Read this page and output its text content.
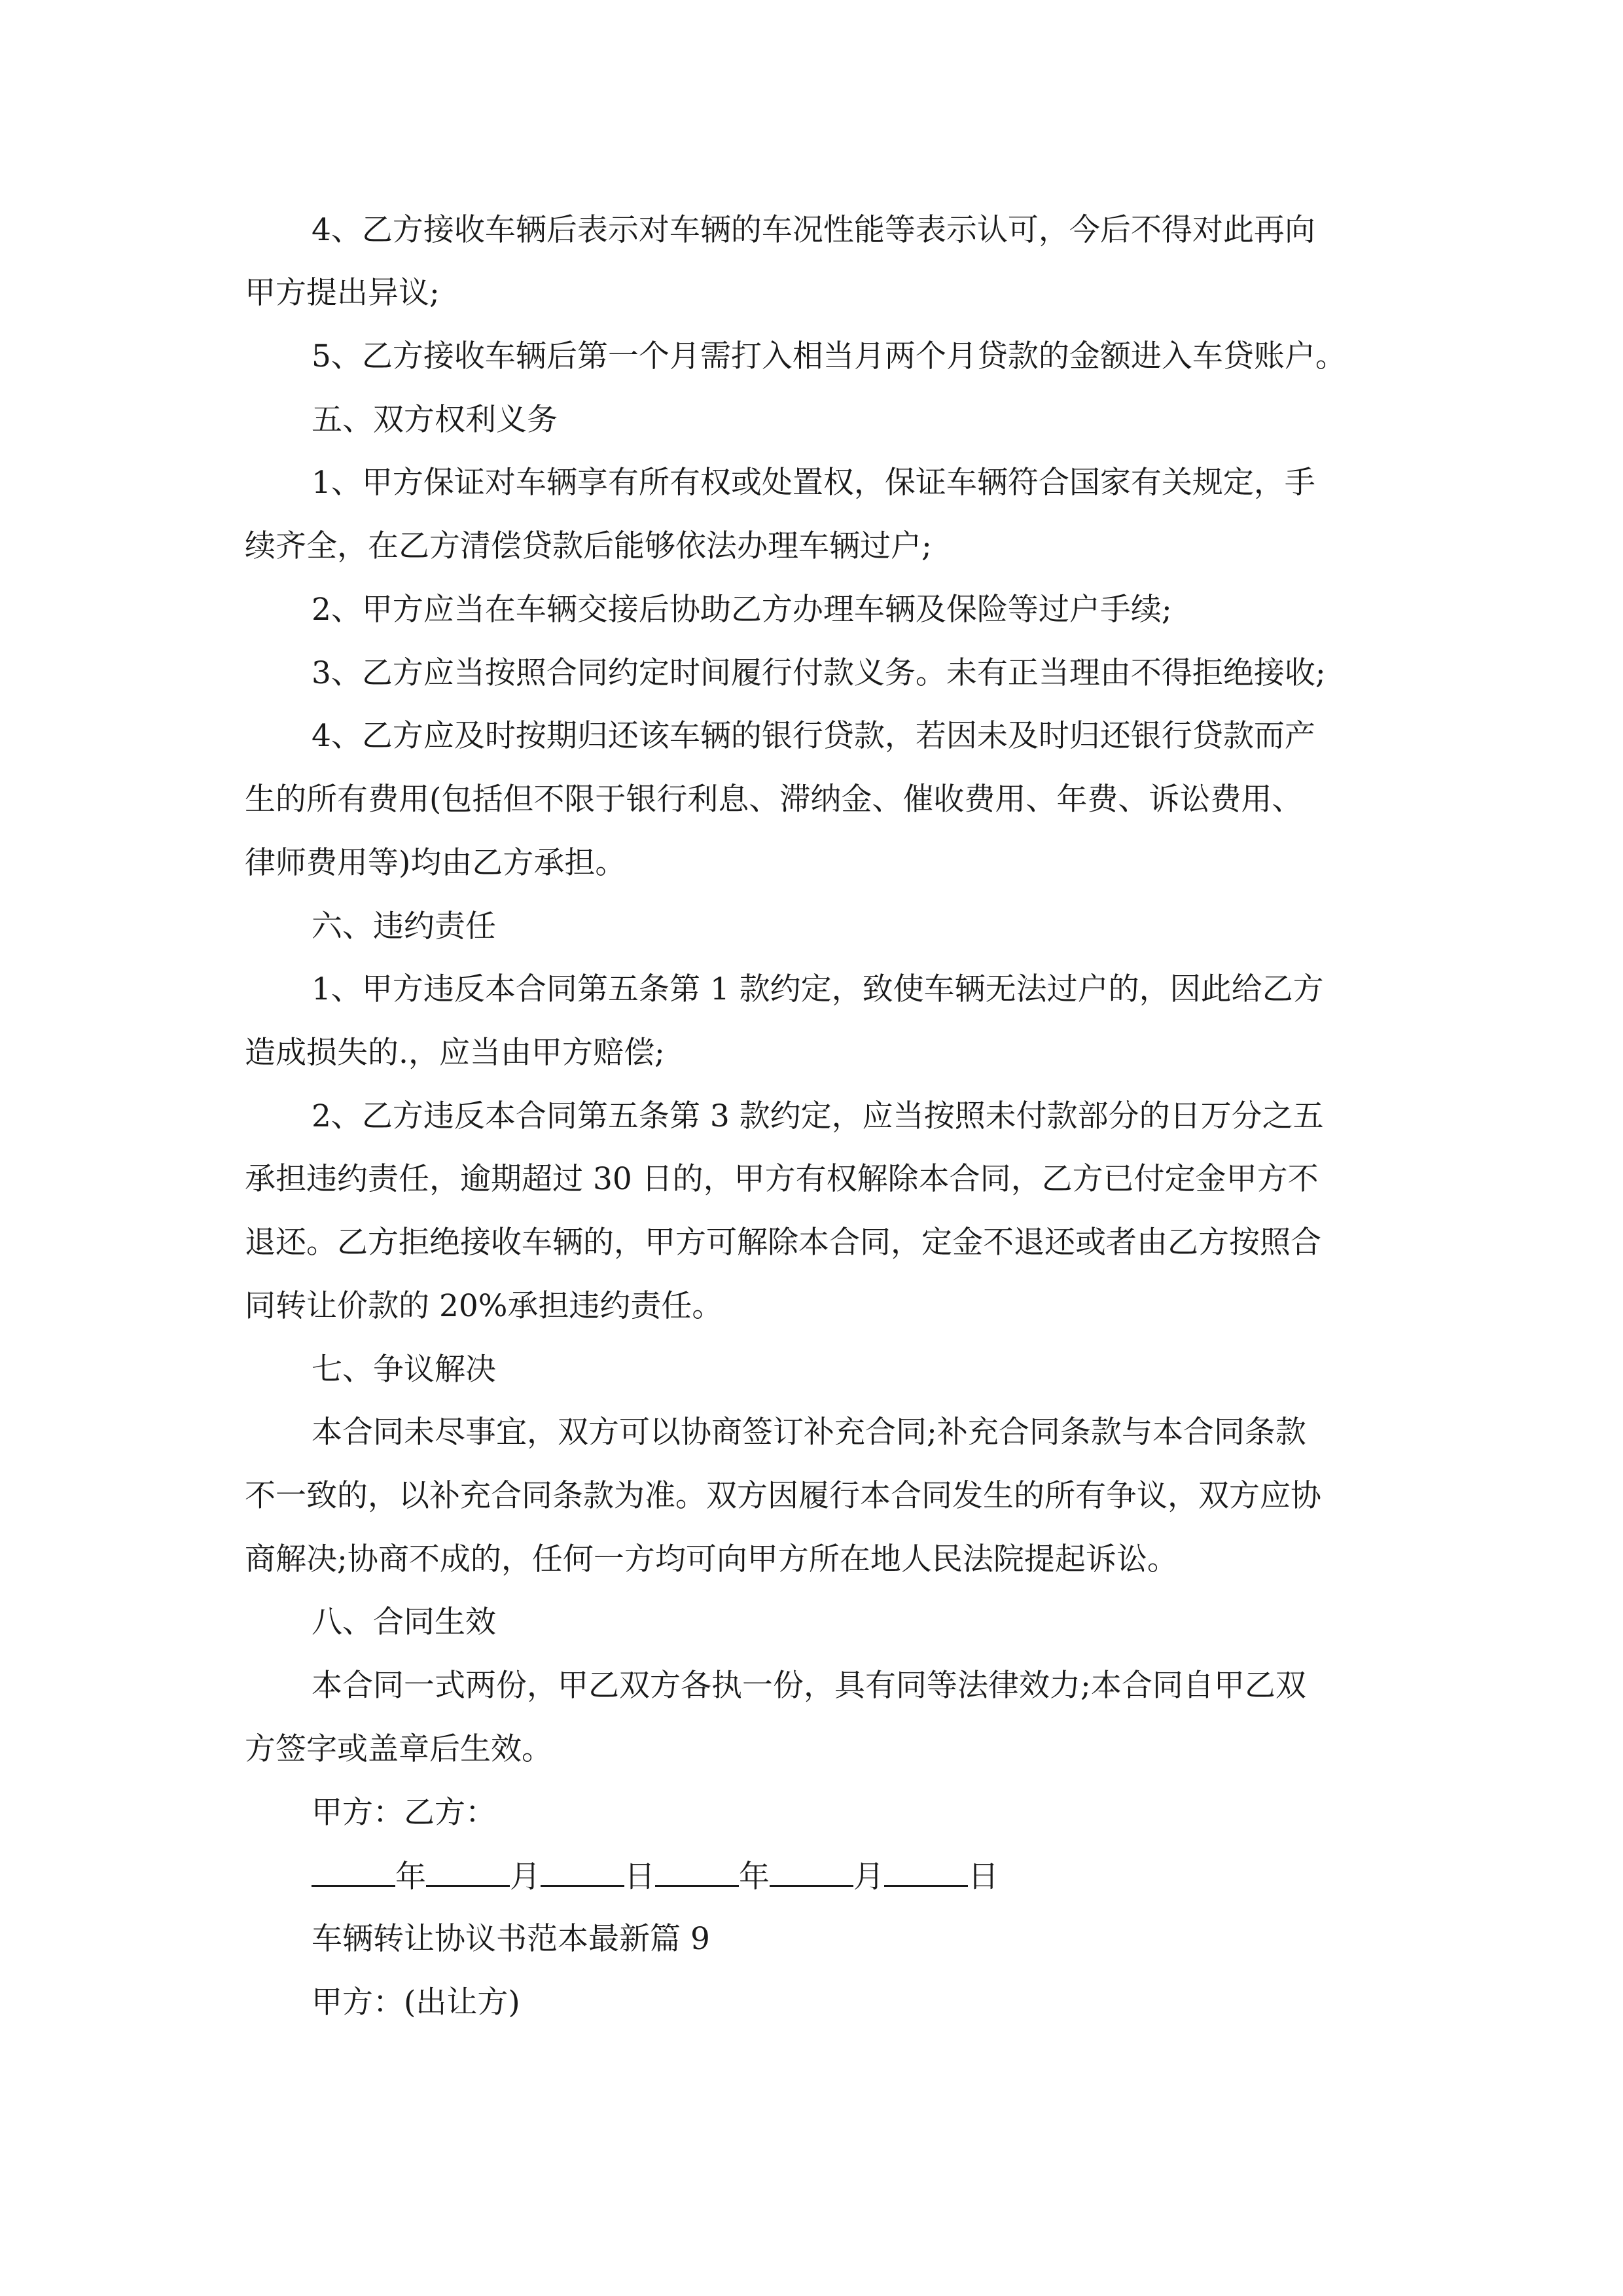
4、乙方接收车辆后表示对车辆的车况性能等表示认可，今后不得对此再向
甲方提出异议;
5、乙方接收车辆后第一个月需打入相当月两个月贷款的金额进入车贷账户。
五、双方权利义务
1、甲方保证对车辆享有所有权或处置权，保证车辆符合国家有关规定，手
续齐全，在乙方清偿贷款后能够依法办理车辆过户;
2、甲方应当在车辆交接后协助乙方办理车辆及保险等过户手续;
3、乙方应当按照合同约定时间履行付款义务。未有正当理由不得拒绝接收;
4、乙方应及时按期归还该车辆的银行贷款，若因未及时归还银行贷款而产
生的所有费用(包括但不限于银行利息、滞纳金、催收费用、年费、诉讼费用、
律师费用等)均由乙方承担。
六、违约责任
1、甲方违反本合同第五条第 1 款约定，致使车辆无法过户的，因此给乙方
造成损失的.，应当由甲方赔偿;
2、乙方违反本合同第五条第 3 款约定，应当按照未付款部分的日万分之五
承担违约责任，逾期超过 30 日的，甲方有权解除本合同，乙方已付定金甲方不
退还。乙方拒绝接收车辆的，甲方可解除本合同，定金不退还或者由乙方按照合
同转让价款的 20%承担违约责任。
七、争议解决
本合同未尽事宜，双方可以协商签订补充合同;补充合同条款与本合同条款
不一致的，以补充合同条款为准。双方因履行本合同发生的所有争议，双方应协
商解决;协商不成的，任何一方均可向甲方所在地人民法院提起诉讼。
八、合同生效
本合同一式两份，甲乙双方各执一份，具有同等法律效力;本合同自甲乙双
方签字或盖章后生效。
甲方：乙方：
年	月	日	年	月	日
车辆转让协议书范本最新篇 9
甲方：(出让方)
